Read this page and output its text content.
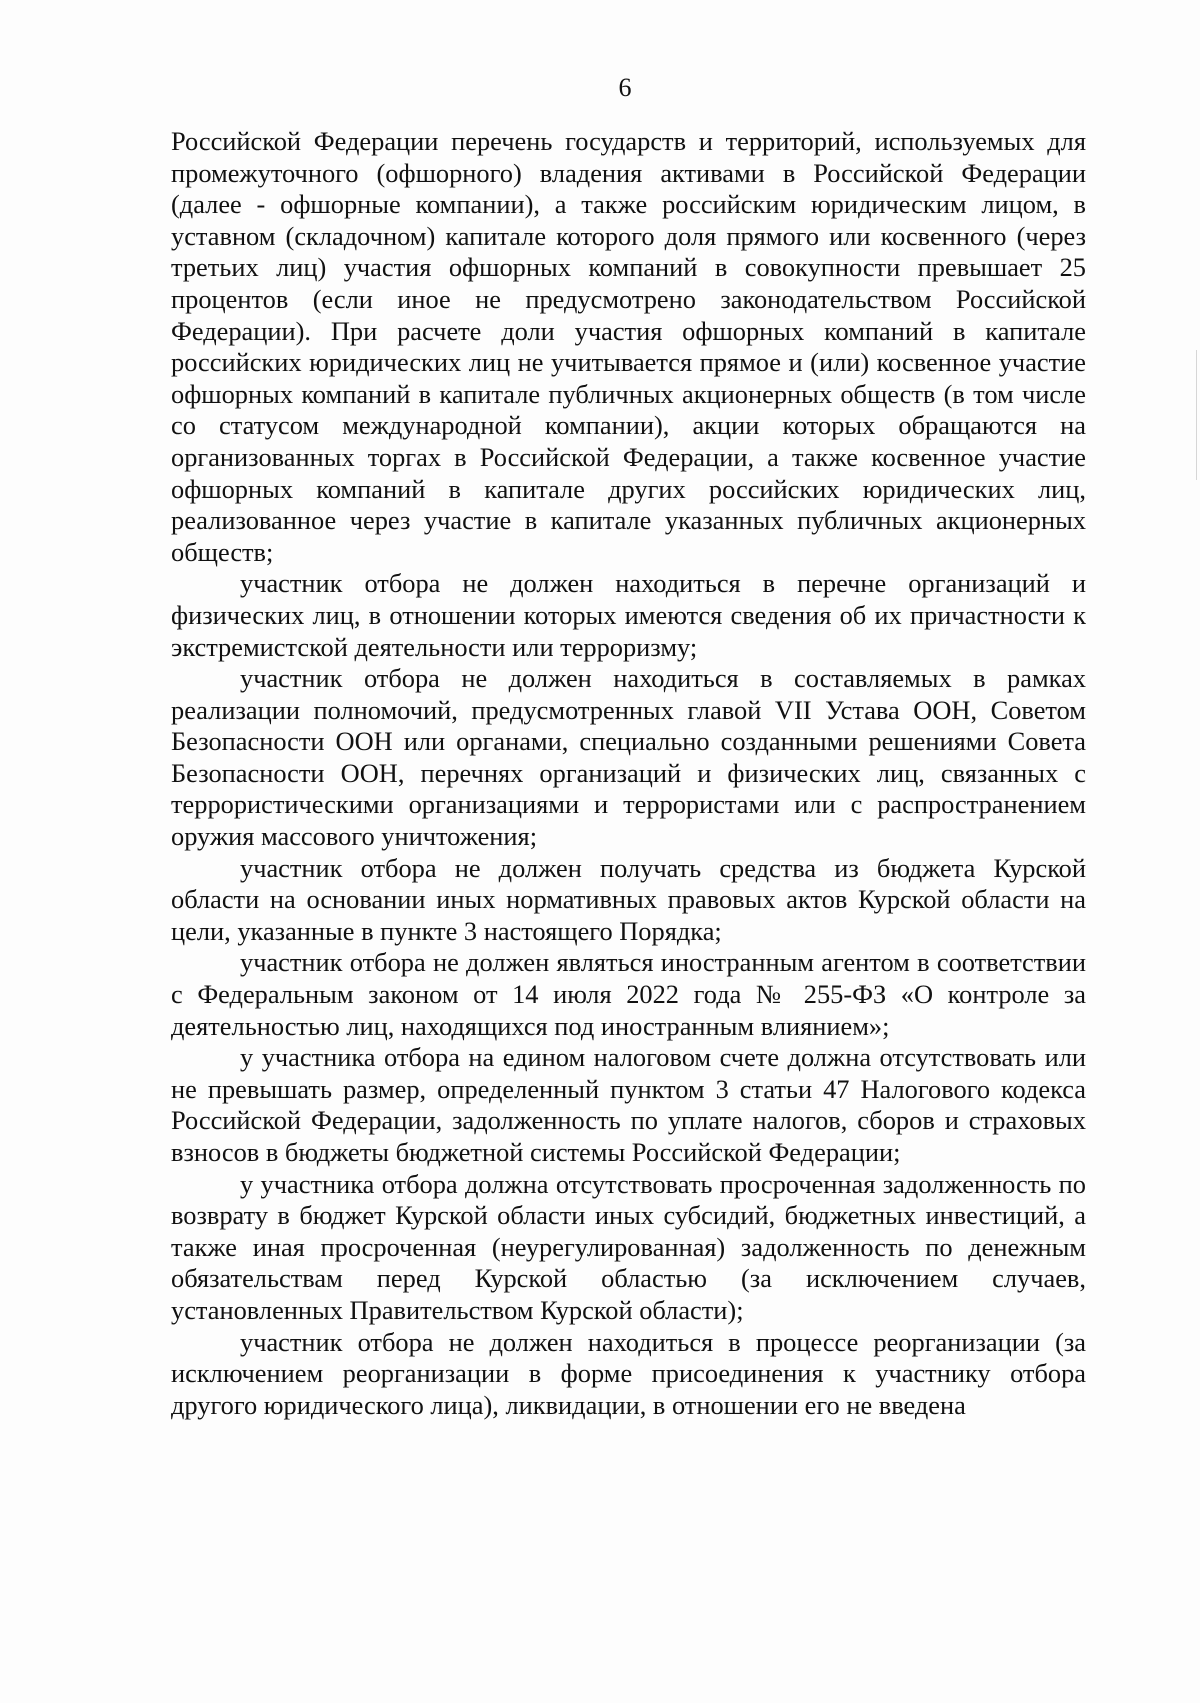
6

Российской Федерации перечень государств и территорий, используемых для промежуточного (офшорного) владения активами в Российской Федерации (далее - офшорные компании), а также российским юридическим лицом, в уставном (складочном) капитале которого доля прямого или косвенного (через третьих лиц) участия офшорных компаний в совокупности превышает 25 процентов (если иное не предусмотрено законодательством Российской Федерации). При расчете доли участия офшорных компаний в капитале российских юридических лиц не учитывается прямое и (или) косвенное участие офшорных компаний в капитале публичных акционерных обществ (в том числе со статусом международной компании), акции которых обращаются на организованных торгах в Российской Федерации, а также косвенное участие офшорных компаний в капитале других российских юридических лиц, реализованное через участие в капитале указанных публичных акционерных обществ;

участник отбора не должен находиться в перечне организаций и физических лиц, в отношении которых имеются сведения об их причастности к экстремистской деятельности или терроризму;

участник отбора не должен находиться в составляемых в рамках реализации полномочий, предусмотренных главой VII Устава ООН, Советом Безопасности ООН или органами, специально созданными решениями Совета Безопасности ООН, перечнях организаций и физических лиц, связанных с террористическими организациями и террористами или с распространением оружия массового уничтожения;

участник отбора не должен получать средства из бюджета Курской области на основании иных нормативных правовых актов Курской области на цели, указанные в пункте 3 настоящего Порядка;

участник отбора не должен являться иностранным агентом в соответствии с Федеральным законом от 14 июля 2022 года № 255-ФЗ «О контроле за деятельностью лиц, находящихся под иностранным влиянием»;

у участника отбора на едином налоговом счете должна отсутствовать или не превышать размер, определенный пунктом 3 статьи 47 Налогового кодекса Российской Федерации, задолженность по уплате налогов, сборов и страховых взносов в бюджеты бюджетной системы Российской Федерации;

у участника отбора должна отсутствовать просроченная задолженность по возврату в бюджет Курской области иных субсидий, бюджетных инвестиций, а также иная просроченная (неурегулированная) задолженность по денежным обязательствам перед Курской областью (за исключением случаев, установленных Правительством Курской области);

участник отбора не должен находиться в процессе реорганизации (за исключением реорганизации в форме присоединения к участнику отбора другого юридического лица), ликвидации, в отношении его не введена
